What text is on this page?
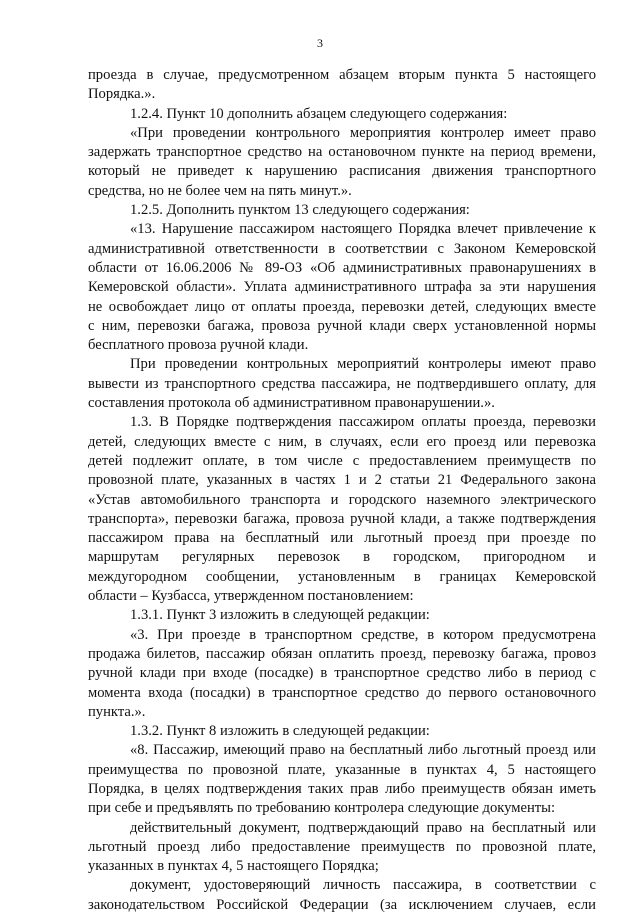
3
проезда в случае, предусмотренном абзацем вторым пункта 5 настоящего
Порядка.».
1.2.4. Пункт 10 дополнить абзацем следующего содержания:
«При проведении контрольного мероприятия контролер имеет право
задержать транспортное средство на остановочном пункте на период времени,
который не приведет к нарушению расписания движения транспортного
средства, но не более чем на пять минут.».
1.2.5. Дополнить пунктом 13 следующего содержания:
«13. Нарушение пассажиром настоящего Порядка влечет привлечение к
административной ответственности в соответствии с Законом Кемеровской
области от 16.06.2006 № 89-ОЗ «Об административных правонарушениях в
Кемеровской области». Уплата административного штрафа за эти нарушения
не освобождает лицо от оплаты проезда, перевозки детей, следующих вместе
с ним, перевозки багажа, провоза ручной клади сверх установленной нормы
бесплатного провоза ручной клади.
При проведении контрольных мероприятий контролеры имеют право
вывести из транспортного средства пассажира, не подтвердившего оплату, для
составления протокола об административном правонарушении.».
1.3. В Порядке подтверждения пассажиром оплаты проезда, перевозки
детей, следующих вместе с ним, в случаях, если его проезд или перевозка
детей подлежит оплате, в том числе с предоставлением преимуществ по
провозной плате, указанных в частях 1 и 2 статьи 21 Федерального закона
«Устав автомобильного транспорта и городского наземного электрического
транспорта», перевозки багажа, провоза ручной клади, а также подтверждения
пассажиром права на бесплатный или льготный проезд при проезде по
маршрутам регулярных перевозок в городском, пригородном и
междугородном сообщении, установленным в границах Кемеровской
области – Кузбасса, утвержденном постановлением:
1.3.1. Пункт 3 изложить в следующей редакции:
«3. При проезде в транспортном средстве, в котором предусмотрена
продажа билетов, пассажир обязан оплатить проезд, перевозку багажа, провоз
ручной клади при входе (посадке) в транспортное средство либо в период с
момента входа (посадки) в транспортное средство до первого остановочного
пункта.».
1.3.2. Пункт 8 изложить в следующей редакции:
«8. Пассажир, имеющий право на бесплатный либо льготный проезд или
преимущества по провозной плате, указанные в пунктах 4, 5 настоящего
Порядка, в целях подтверждения таких прав либо преимуществ обязан иметь
при себе и предъявлять по требованию контролера следующие документы:
действительный документ, подтверждающий право на бесплатный или
льготный проезд либо предоставление преимуществ по провозной плате,
указанных в пунктах 4, 5 настоящего Порядка;
документ, удостоверяющий личность пассажира, в соответствии с
законодательством Российской Федерации (за исключением случаев, если
